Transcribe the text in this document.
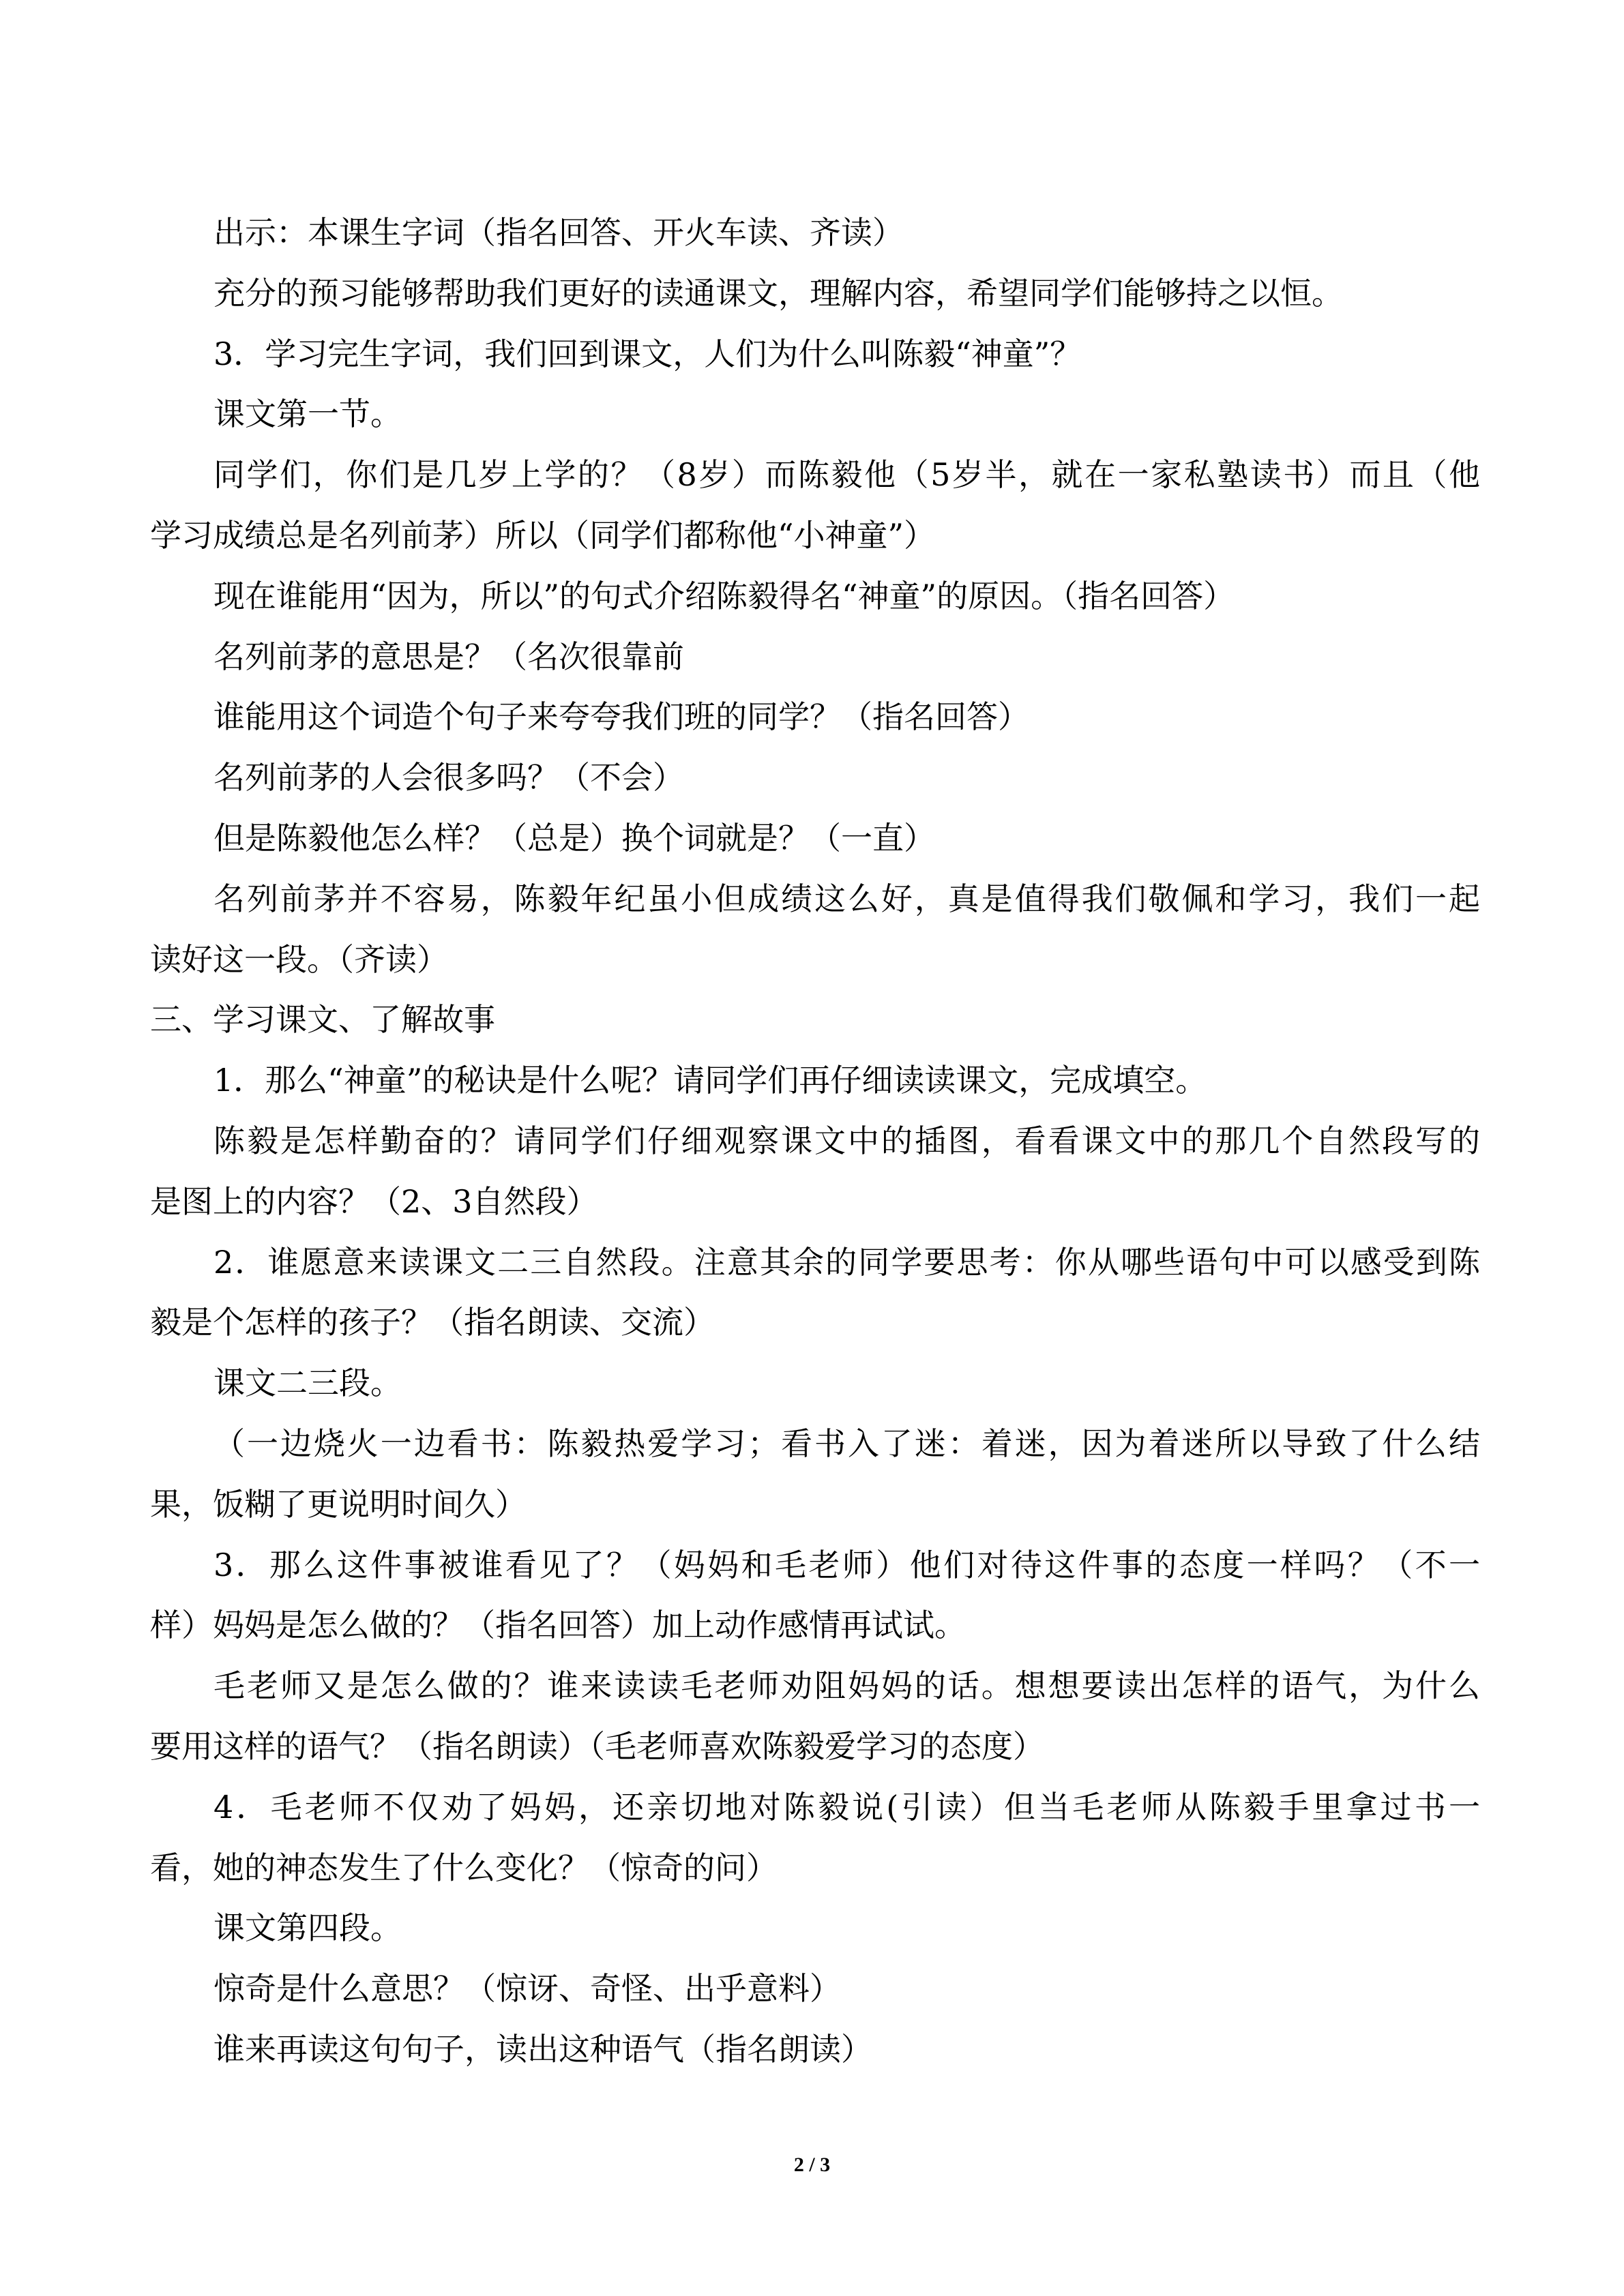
出示：本课生字词（指名回答、开火车读、齐读）
充分的预习能够帮助我们更好的读通课文，理解内容，希望同学们能够持之以恒。
3．学习完生字词，我们回到课文，人们为什么叫陈毅“神童”？
课文第一节。
同学们，你们是几岁上学的？（8岁）而陈毅他（5岁半，就在一家私塾读书）而且（他
学习成绩总是名列前茅）所以（同学们都称他“小神童”）
现在谁能用“因为，所以”的句式介绍陈毅得名“神童”的原因。（指名回答）
名列前茅的意思是？（名次很靠前
谁能用这个词造个句子来夸夸我们班的同学？（指名回答）
名列前茅的人会很多吗？（不会）
但是陈毅他怎么样？（总是）换个词就是？（一直）
名列前茅并不容易，陈毅年纪虽小但成绩这么好，真是值得我们敬佩和学习，我们一起
读好这一段。（齐读）
三、学习课文、了解故事
1．那么“神童”的秘诀是什么呢？请同学们再仔细读读课文，完成填空。
陈毅是怎样勤奋的？请同学们仔细观察课文中的插图，看看课文中的那几个自然段写的
是图上的内容？（2、3自然段）
2．谁愿意来读课文二三自然段。注意其余的同学要思考：你从哪些语句中可以感受到陈
毅是个怎样的孩子？（指名朗读、交流）
课文二三段。
（一边烧火一边看书：陈毅热爱学习；看书入了迷：着迷，因为着迷所以导致了什么结
果，饭糊了更说明时间久）
3．那么这件事被谁看见了？（妈妈和毛老师）他们对待这件事的态度一样吗？（不一
样）妈妈是怎么做的？（指名回答）加上动作感情再试试。
毛老师又是怎么做的？谁来读读毛老师劝阻妈妈的话。想想要读出怎样的语气，为什么
要用这样的语气？（指名朗读）（毛老师喜欢陈毅爱学习的态度）
4．毛老师不仅劝了妈妈，还亲切地对陈毅说(引读）但当毛老师从陈毅手里拿过书一
看，她的神态发生了什么变化？（惊奇的问）
课文第四段。
惊奇是什么意思？（惊讶、奇怪、出乎意料）
谁来再读这句句子，读出这种语气（指名朗读）
2 / 3
